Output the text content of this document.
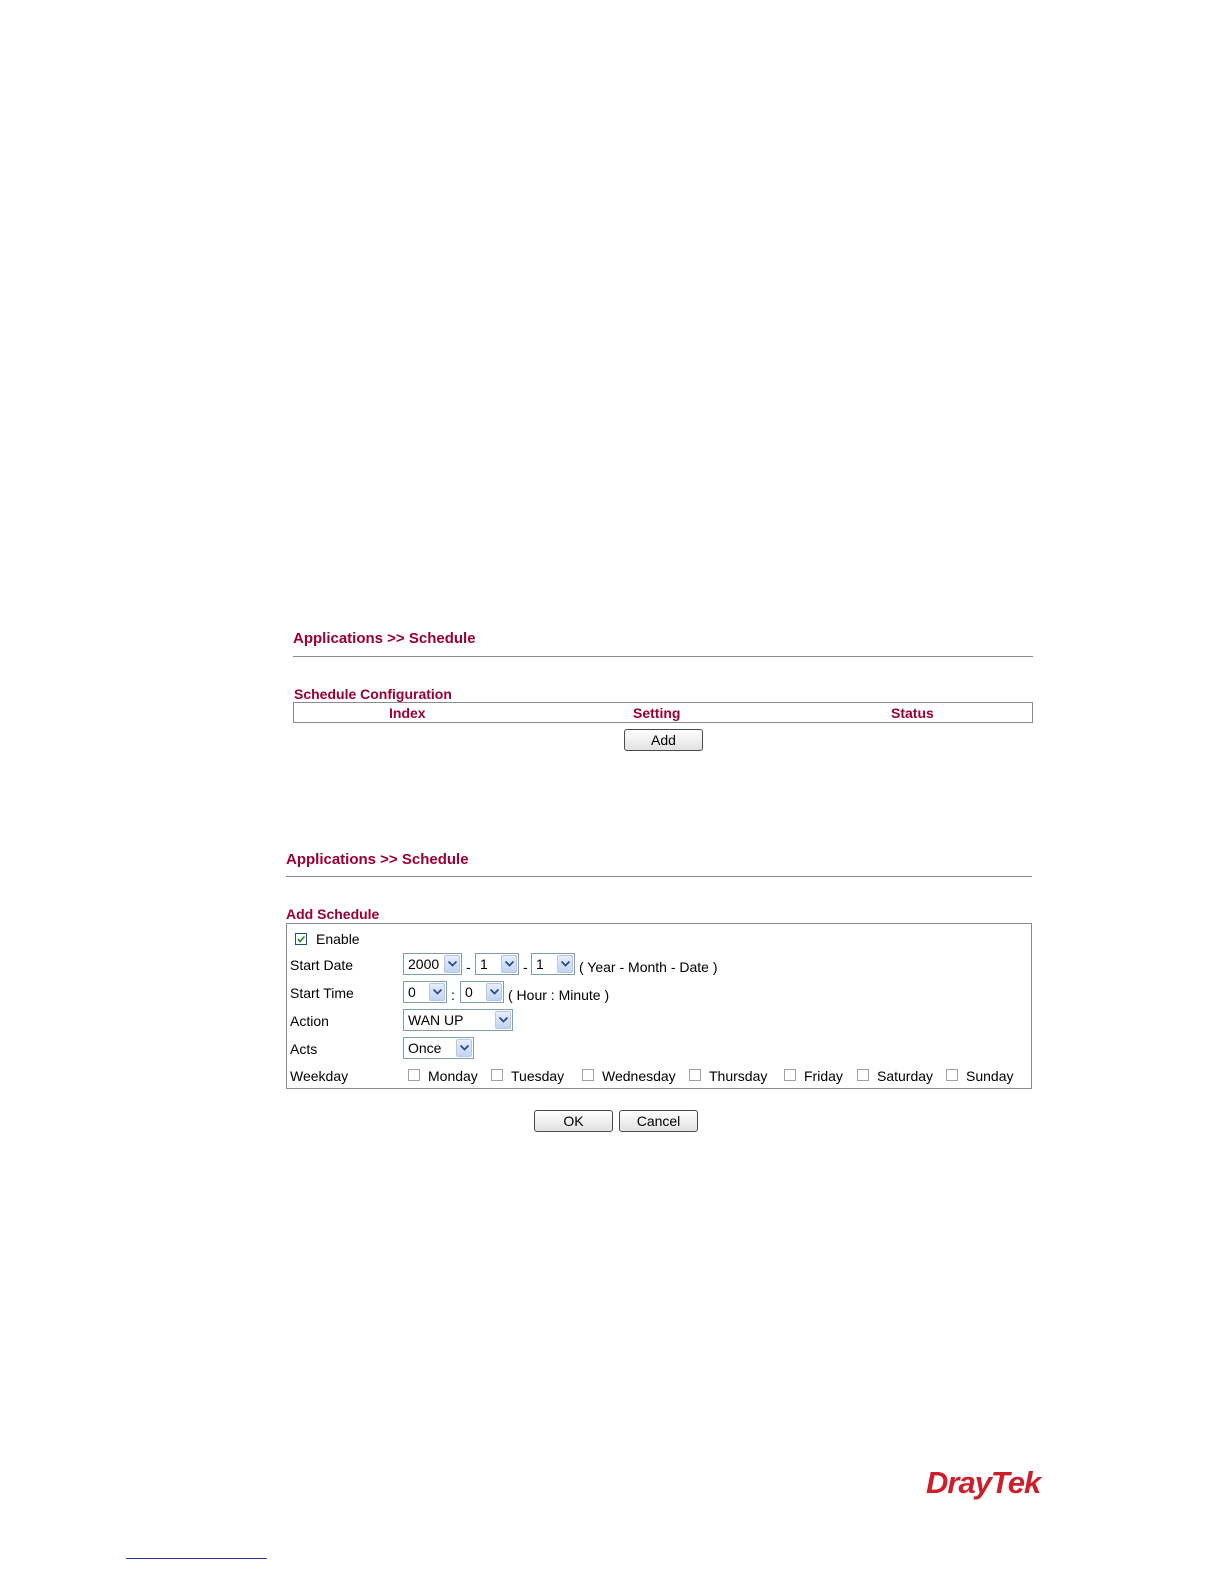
Applications >> Schedule
Schedule Configuration
Index	Setting	Status
Add
Applications >> Schedule
Add Schedule
Enable
Start Date	2000 - 1	- 1	( Year - Month - Date )
Start Time	0	: 0	( Hour : Minute )
Action	WAN UP
Acts	Once
Weekday	Monday Tuesday	Wednesday Thursday	Friday Saturday Sunday
OK	Cancel
DrayTek
